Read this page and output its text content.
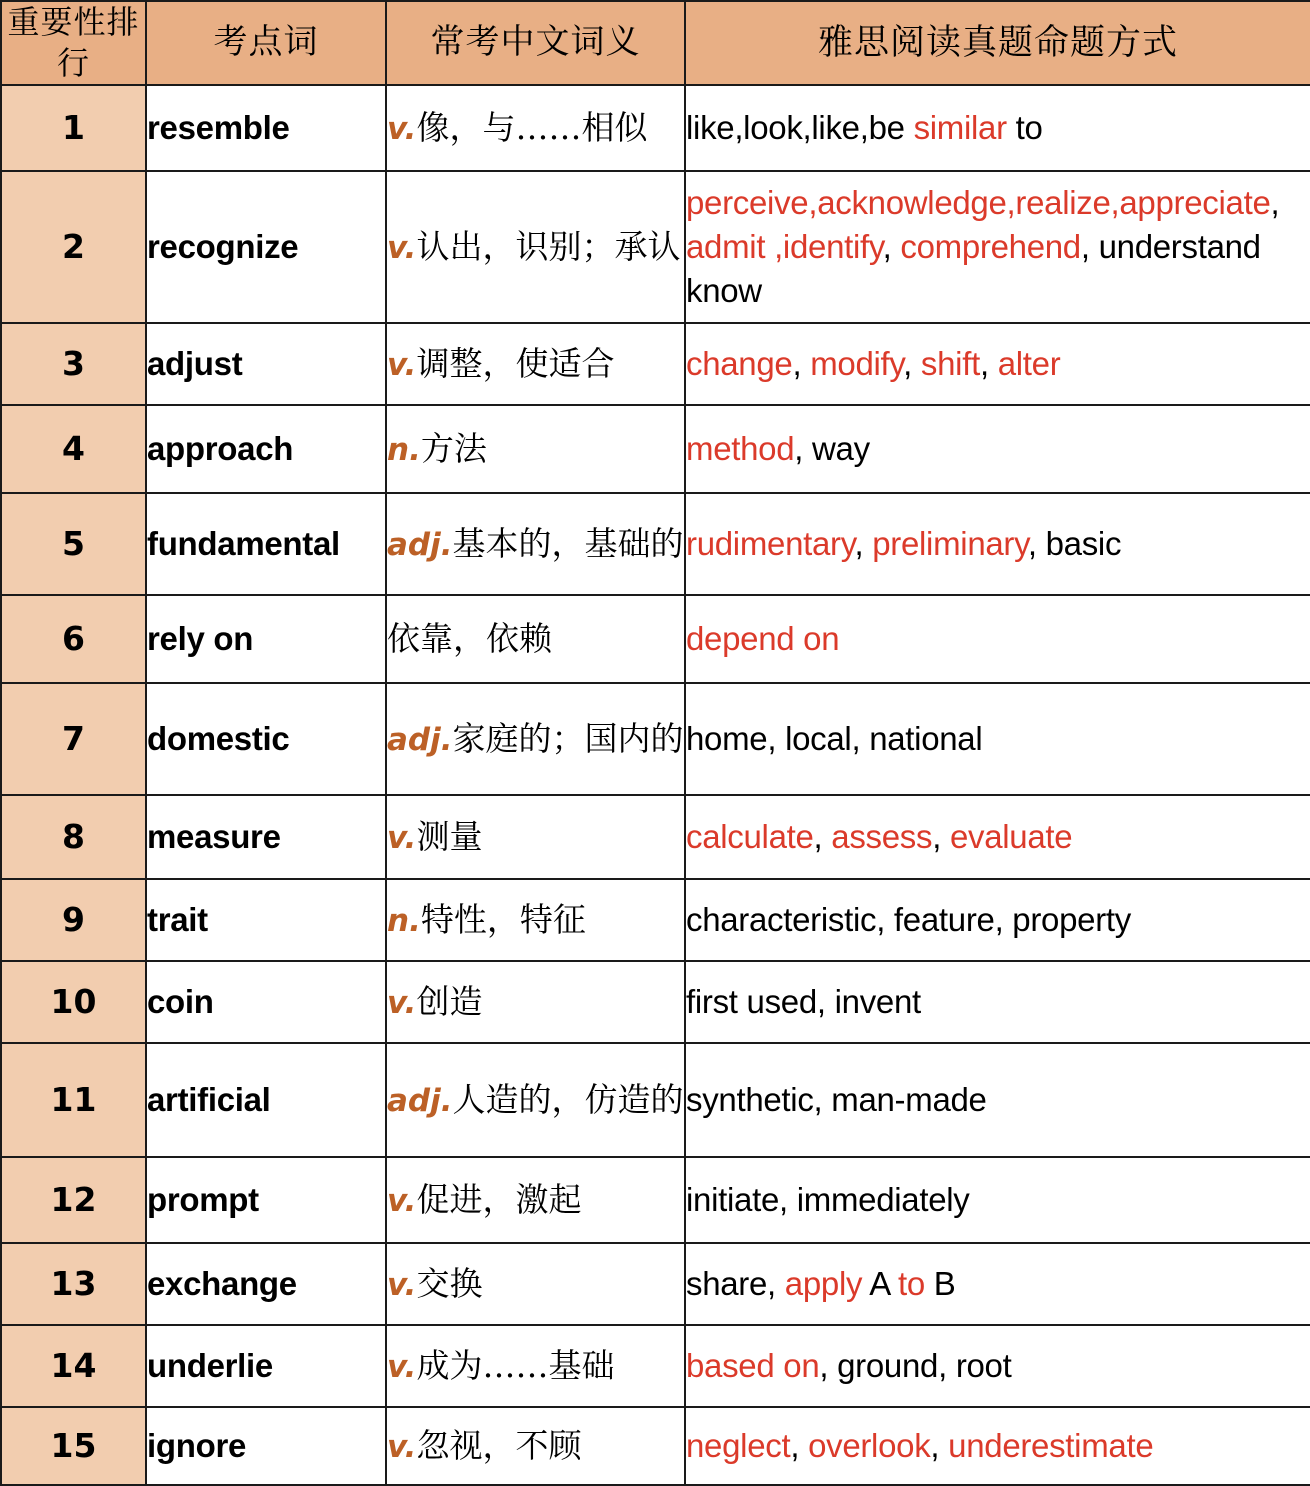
重要性排行	考点词	常考中文词义	雅思阅读真题命题方式
1	resemble	v.像，与……相似	like,look,like,be similar to

2	recognize	v.认出，识别；承认	perceive,acknowledge,realize,appreciate,
admit ,identify, comprehend, understand
know

3	adjust	v.调整，使适合	change, modify, shift, alter

4	approach	n.方法	method, way

5	fundamental	adj.基本的，基础的	rudimentary, preliminary, basic

6	rely on	依靠，依赖	depend on

7	domestic	adj.家庭的；国内的	home, local, national

8	measure	v.测量	calculate, assess, evaluate

9	trait	n.特性，特征	characteristic, feature, property

10	coin	v.创造	first used, invent

11	artificial	adj.人造的，仿造的	synthetic, man-made

12	prompt	v.促进，激起	initiate, immediately

13	exchange	v.交换	share, apply A to B

14	underlie	v.成为……基础	based on, ground, root

15	ignore	v.忽视，不顾	neglect, overlook, underestimate
